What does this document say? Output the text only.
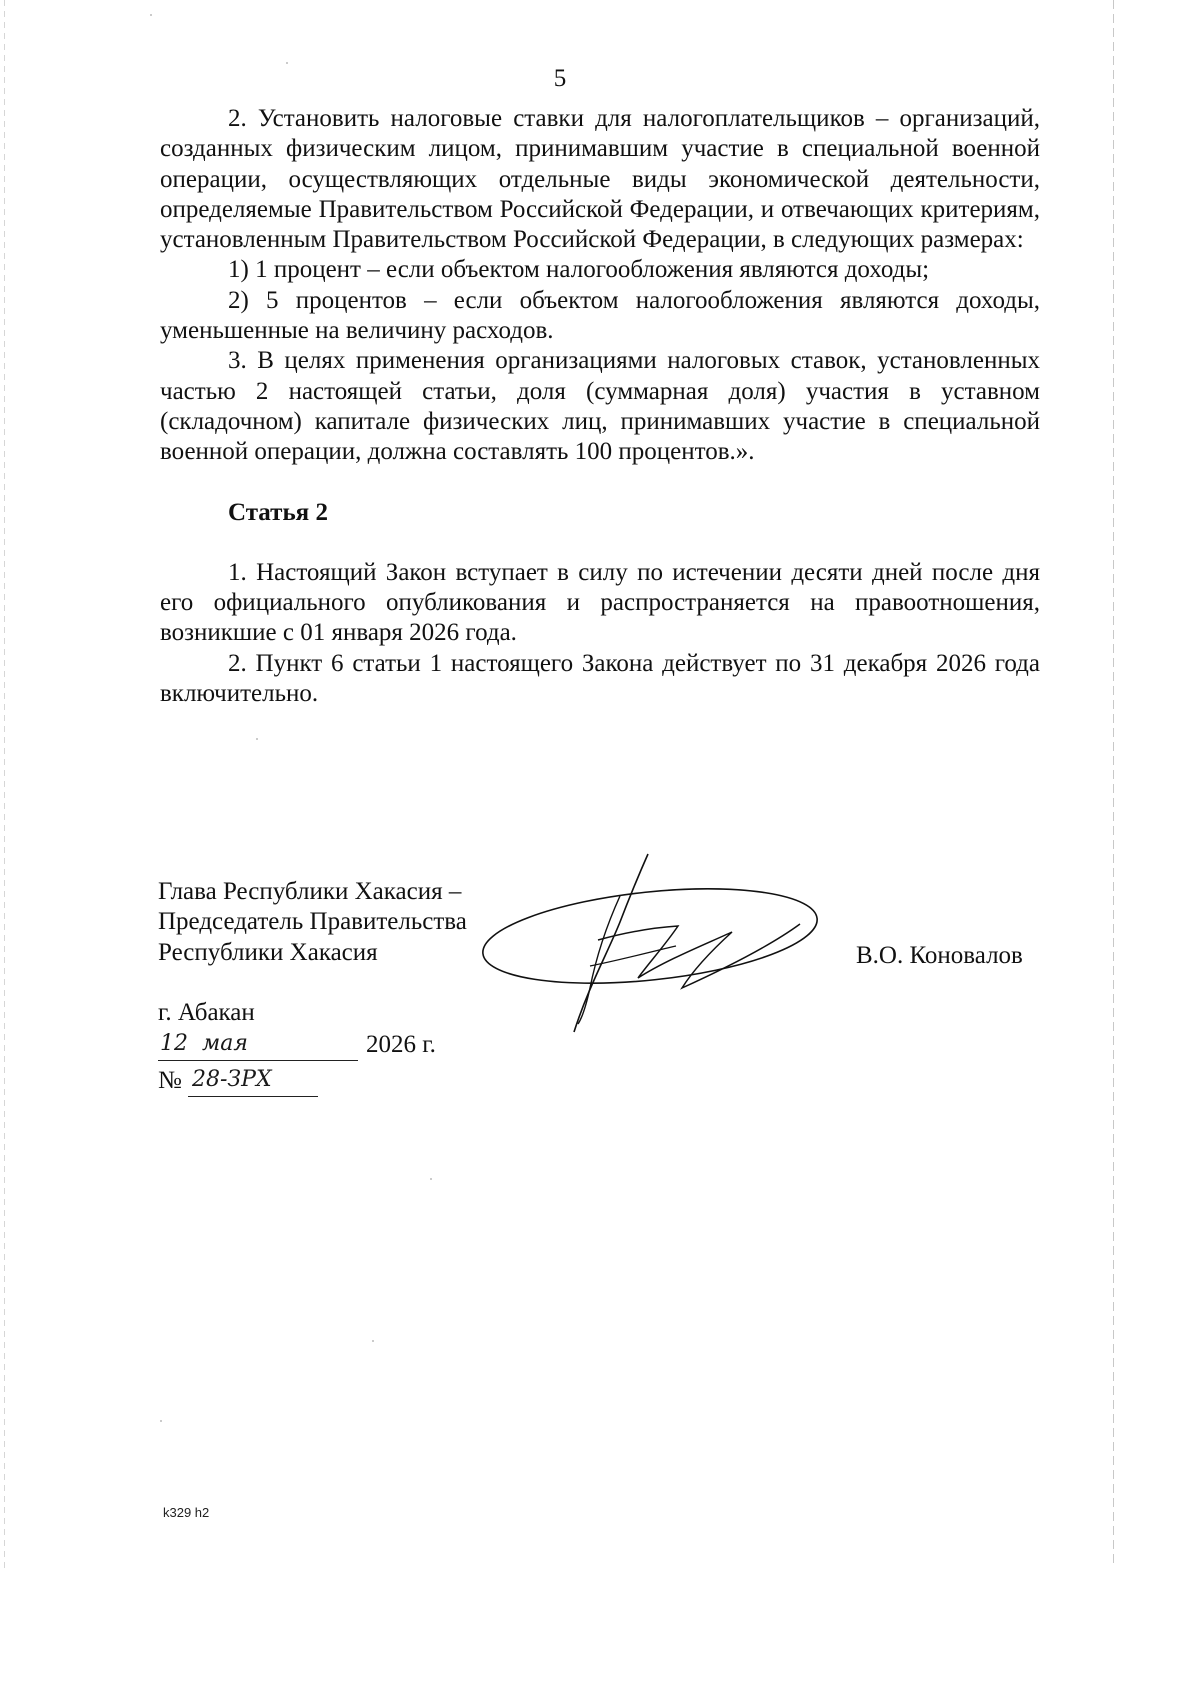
5

2. Установить налоговые ставки для налогоплательщиков – организаций, созданных физическим лицом, принимавшим участие в специальной военной операции, осуществляющих отдельные виды экономической деятельности, определяемые Правительством Российской Федерации, и отвечающих критериям, установленным Правительством Российской Федерации, в следующих размерах:

1) 1 процент – если объектом налогообложения являются доходы;

2) 5 процентов – если объектом налогообложения являются доходы, уменьшенные на величину расходов.

3. В целях применения организациями налоговых ставок, установленных частью 2 настоящей статьи, доля (суммарная доля) участия в уставном (складочном) капитале физических лиц, принимавших участие в специальной военной операции, должна составлять 100 процентов.».

Статья 2

1. Настоящий Закон вступает в силу по истечении десяти дней после дня его официального опубликования и распространяется на правоотношения, возникшие с 01 января 2026 года.

2. Пункт 6 статьи 1 настоящего Закона действует по 31 декабря 2026 года включительно.

Глава Республики Хакасия –
Председатель Правительства
Республики Хакасия	В.О. Коновалов
г. Абакан
12 мая	2026 г.
№ 28-ЗРХ
k329 h2
